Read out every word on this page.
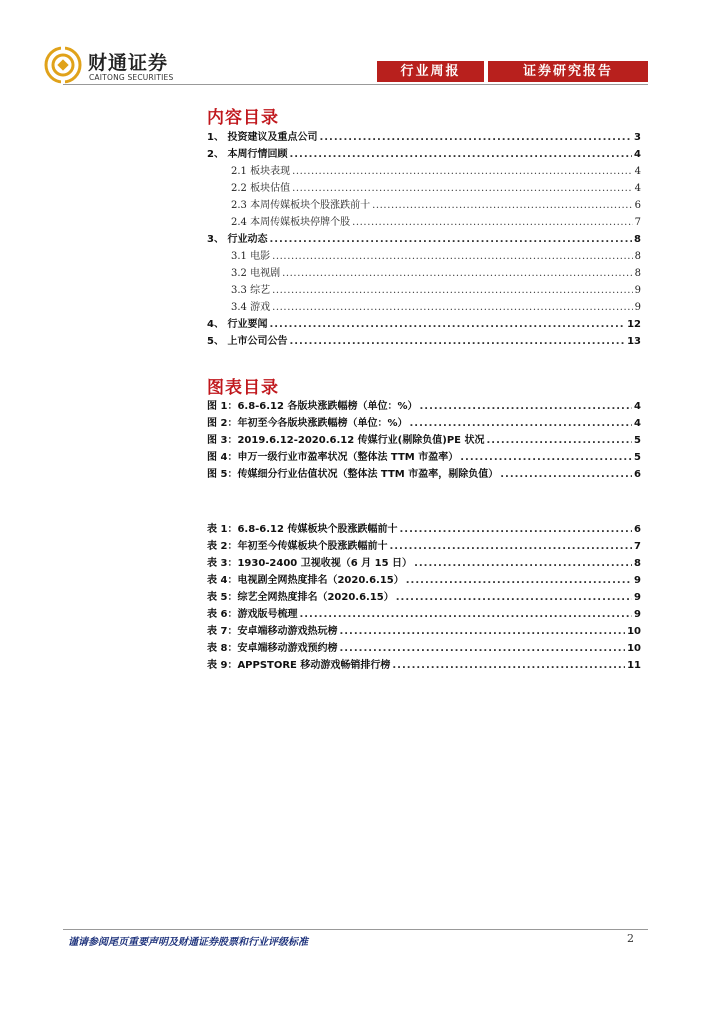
财通证券
CAITONG SECURITIES	行业周报	证券研究报告
内容目录
1、 投资建议及重点公司 .....	3
2、 本周行情回顾 .....	4
2.1 板块表现 .....	4
2.2 板块估值 .....	4
2.3 本周传媒板块个股涨跌前十 .....	6
2.4 本周传媒板块停牌个股 .....	7
3、 行业动态 .....	8
3.1 电影 .....	8
3.2 电视剧 .....	8
3.3 综艺 .....	9
3.4 游戏 .....	9
4、 行业要闻 .....	12
5、 上市公司公告 .....	13
图表目录
图 1：6.8-6.12 各版块涨跌幅榜（单位：%） .....	4
图 2：年初至今各版块涨跌幅榜（单位：%） .....	4
图 3：2019.6.12-2020.6.12 传媒行业(剔除负值)PE 状况 .....	5
图 4：申万一级行业市盈率状况（整体法 TTM 市盈率） .....	5
图 5：传媒细分行业估值状况（整体法 TTM 市盈率，剔除负值） .....	6
表 1：6.8-6.12 传媒板块个股涨跌幅前十 .....	6
表 2：年初至今传媒板块个股涨跌幅前十 .....	7
表 3：1930-2400 卫视收视（6 月 15 日） .....	8
表 4：电视剧全网热度排名（2020.6.15） .....	9
表 5：综艺全网热度排名（2020.6.15） .....	9
表 6：游戏版号梳理 .....	9
表 7：安卓端移动游戏热玩榜 .....	10
表 8：安卓端移动游戏预约榜 .....	10
表 9：APPSTORE 移动游戏畅销排行榜 .....	11
谨请参阅尾页重要声明及财通证券股票和行业评级标准	2
